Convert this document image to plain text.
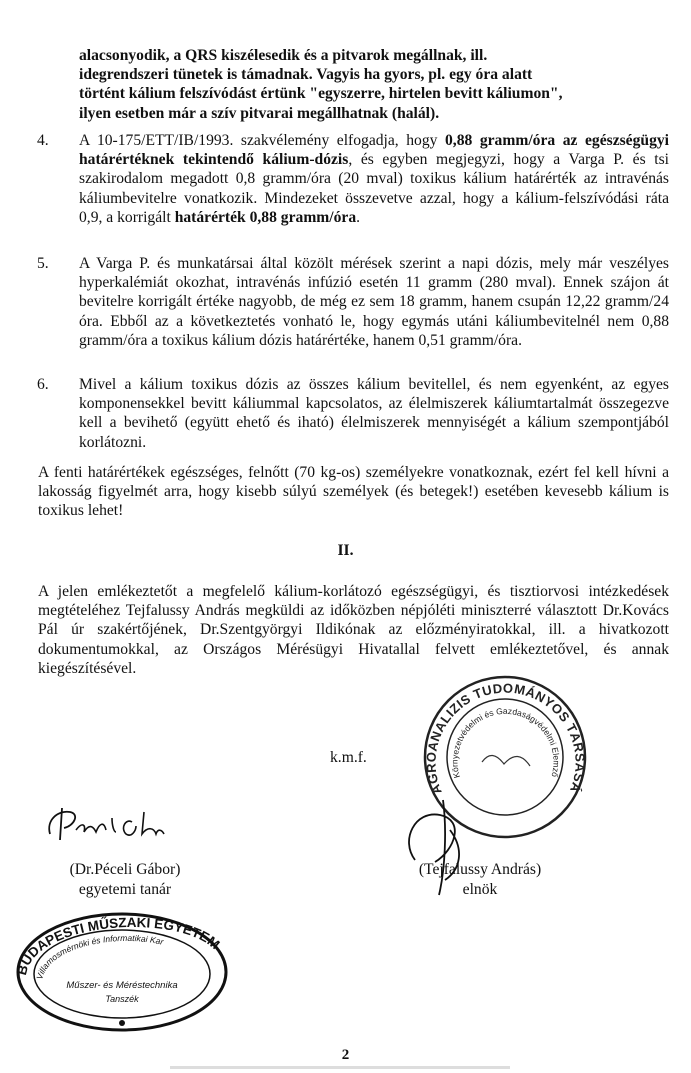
alacsonyodik, a QRS kiszélesedik és a pitvarok megállnak, ill.
idegrendszeri tünetek is támadnak. Vagyis ha gyors, pl. egy óra alatt
történt kálium felszívódást értünk "egyszerre, hirtelen bevitt káliumon",
ilyen esetben már a szív pitvarai megállhatnak (halál).
4. A 10-175/ETT/IB/1993. szakvélemény elfogadja, hogy 0,88 gramm/óra az egészségügyi határértéknek tekintendő kálium-dózis, és egyben megjegyzi, hogy a Varga P. és tsi szakirodalom megadott 0,8 gramm/óra (20 mval) toxikus kálium határérték az intravénás káliumbevitelre vonatkozik. Mindezeket összevetve azzal, hogy a kálium-felszívódási ráta 0,9, a korrigált határérték 0,88 gramm/óra.
5. A Varga P. és munkatársai által közölt mérések szerint a napi dózis, mely már veszélyes hyperkalémiát okozhat, intravénás infúzió esetén 11 gramm (280 mval). Ennek szájon át bevitelre korrigált értéke nagyobb, de még ez sem 18 gramm, hanem csupán 12,22 gramm/24 óra. Ebből az a következtetés vonható le, hogy egymás utáni káliumbevitelnél nem 0,88 gramm/óra a toxikus kálium dózis határértéke, hanem 0,51 gramm/óra.
6. Mivel a kálium toxikus dózis az összes kálium bevitellel, és nem egyenként, az egyes komponensekkel bevitt káliummal kapcsolatos, az élelmiszerek káliumtartalmát összegezve kell a bevihető (együtt ehető és iható) élelmiszerek mennyiségét a kálium szempontjából korlátozni.
A fenti határértékek egészséges, felnőtt (70 kg-os) személyekre vonatkoznak, ezért fel kell hívni a lakosság figyelmét arra, hogy kisebb súlyú személyek (és betegek!) esetében kevesebb kálium is toxikus lehet!
II.
A jelen emlékeztetőt a megfelelő kálium-korlátozó egészségügyi, és tisztiorvosi intézkedések megtételéhez Tejfalussy András megküldi az időközben népjóléti miniszterré választott Dr.Kovács Pál úr szakértőjének, Dr.Szentgyörgyi Ildikónak az előzményiratokkal, ill. a hivatkozott dokumentumokkal, az Országos Mérésügyi Hivatallal felvett emlékeztetővel, és annak kiegészítésével.
k.m.f.
AGROANALIZIS TUDOMÁNYOS TÁRSASÁ
Környezetvédelmi és Gazdaságvédelmi Elemző
(Dr.Péceli Gábor)
egyetemi tanár
(Tejfalussy András)
elnök
BUDAPESTI MŰSZAKI EGYETEM
Villamosmérnöki és Informatikai Kar
Műszer- és Méréstechnika
Tanszék
2
